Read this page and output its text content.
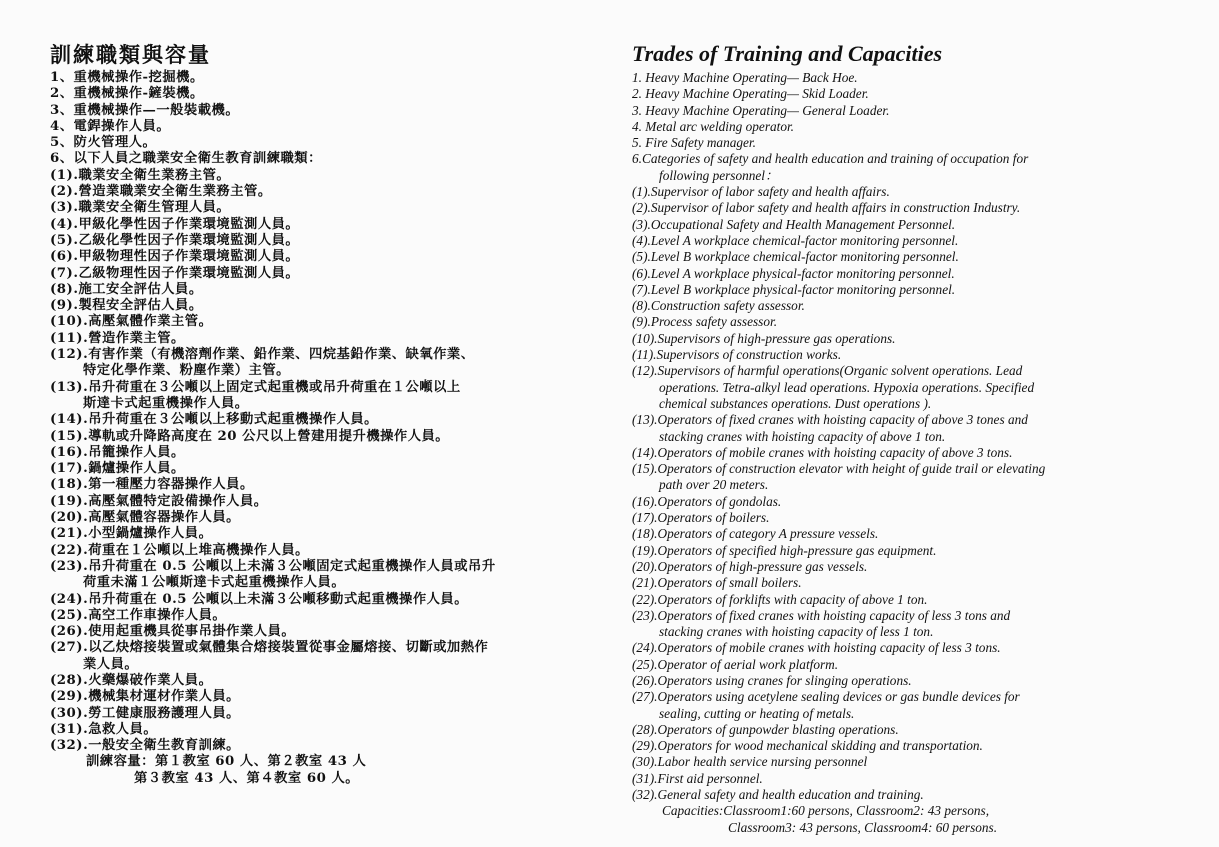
訓練職類與容量
1、重機械操作-挖掘機。
2、重機械操作-鏟裝機。
3、重機械操作—一般裝載機。
4、電銲操作人員。
5、防火管理人。
6、以下人員之職業安全衛生教育訓練職類：
(1).職業安全衛生業務主管。
(2).營造業職業安全衛生業務主管。
(3).職業安全衛生管理人員。
(4).甲級化學性因子作業環境監測人員。
(5).乙級化學性因子作業環境監測人員。
(6).甲級物理性因子作業環境監測人員。
(7).乙級物理性因子作業環境監測人員。
(8).施工安全評估人員。
(9).製程安全評估人員。
(10).高壓氣體作業主管。
(11).營造作業主管。
(12).有害作業（有機溶劑作業、鉛作業、四烷基鉛作業、缺氧作業、
特定化學作業、粉塵作業）主管。
(13).吊升荷重在３公噸以上固定式起重機或吊升荷重在１公噸以上
斯達卡式起重機操作人員。
(14).吊升荷重在３公噸以上移動式起重機操作人員。
(15).導軌或升降路高度在 20 公尺以上營建用提升機操作人員。
(16).吊籠操作人員。
(17).鍋爐操作人員。
(18).第一種壓力容器操作人員。
(19).高壓氣體特定設備操作人員。
(20).高壓氣體容器操作人員。
(21).小型鍋爐操作人員。
(22).荷重在１公噸以上堆高機操作人員。
(23).吊升荷重在 0.5 公噸以上未滿３公噸固定式起重機操作人員或吊升
荷重未滿１公噸斯達卡式起重機操作人員。
(24).吊升荷重在 0.5 公噸以上未滿３公噸移動式起重機操作人員。
(25).高空工作車操作人員。
(26).使用起重機具從事吊掛作業人員。
(27).以乙炔熔接裝置或氣體集合熔接裝置從事金屬熔接、切斷或加熱作
業人員。
(28).火藥爆破作業人員。
(29).機械集材運材作業人員。
(30).勞工健康服務護理人員。
(31).急救人員。
(32).一般安全衛生教育訓練。
訓練容量：第１教室 60 人、第２教室 43 人
第３教室 43 人、第４教室 60 人。
Trades of Training and Capacities
1. Heavy Machine Operating— Back Hoe.
2. Heavy Machine Operating— Skid Loader.
3. Heavy Machine Operating— General Loader.
4. Metal arc welding operator.
5. Fire Safety manager.
6.Categories of safety and health education and training of occupation for
following personnel：
(1).Supervisor of labor safety and health affairs.
(2).Supervisor of labor safety and health affairs in construction Industry.
(3).Occupational Safety and Health Management Personnel.
(4).Level A workplace chemical-factor monitoring personnel.
(5).Level B workplace chemical-factor monitoring personnel.
(6).Level A workplace physical-factor monitoring personnel.
(7).Level B workplace physical-factor monitoring personnel.
(8).Construction safety assessor.
(9).Process safety assessor.
(10).Supervisors of high-pressure gas operations.
(11).Supervisors of construction works.
(12).Supervisors of harmful operations(Organic solvent operations. Lead
operations. Tetra-alkyl lead operations. Hypoxia operations. Specified
chemical substances operations. Dust operations ).
(13).Operators of fixed cranes with hoisting capacity of above 3 tones and
stacking cranes with hoisting capacity of above 1 ton.
(14).Operators of mobile cranes with hoisting capacity of above 3 tons.
(15).Operators of construction elevator with height of guide trail or elevating
path over 20 meters.
(16).Operators of gondolas.
(17).Operators of boilers.
(18).Operators of category A pressure vessels.
(19).Operators of specified high-pressure gas equipment.
(20).Operators of high-pressure gas vessels.
(21).Operators of small boilers.
(22).Operators of forklifts with capacity of above 1 ton.
(23).Operators of fixed cranes with hoisting capacity of less 3 tons and
stacking cranes with hoisting capacity of less 1 ton.
(24).Operators of mobile cranes with hoisting capacity of less 3 tons.
(25).Operator of aerial work platform.
(26).Operators using cranes for slinging operations.
(27).Operators using acetylene sealing devices or gas bundle devices for
sealing, cutting or heating of metals.
(28).Operators of gunpowder blasting operations.
(29).Operators for wood mechanical skidding and transportation.
(30).Labor health service nursing personnel
(31).First aid personnel.
(32).General safety and health education and training.
Capacities:Classroom1:60 persons, Classroom2: 43 persons,
Classroom3: 43 persons, Classroom4: 60 persons.
